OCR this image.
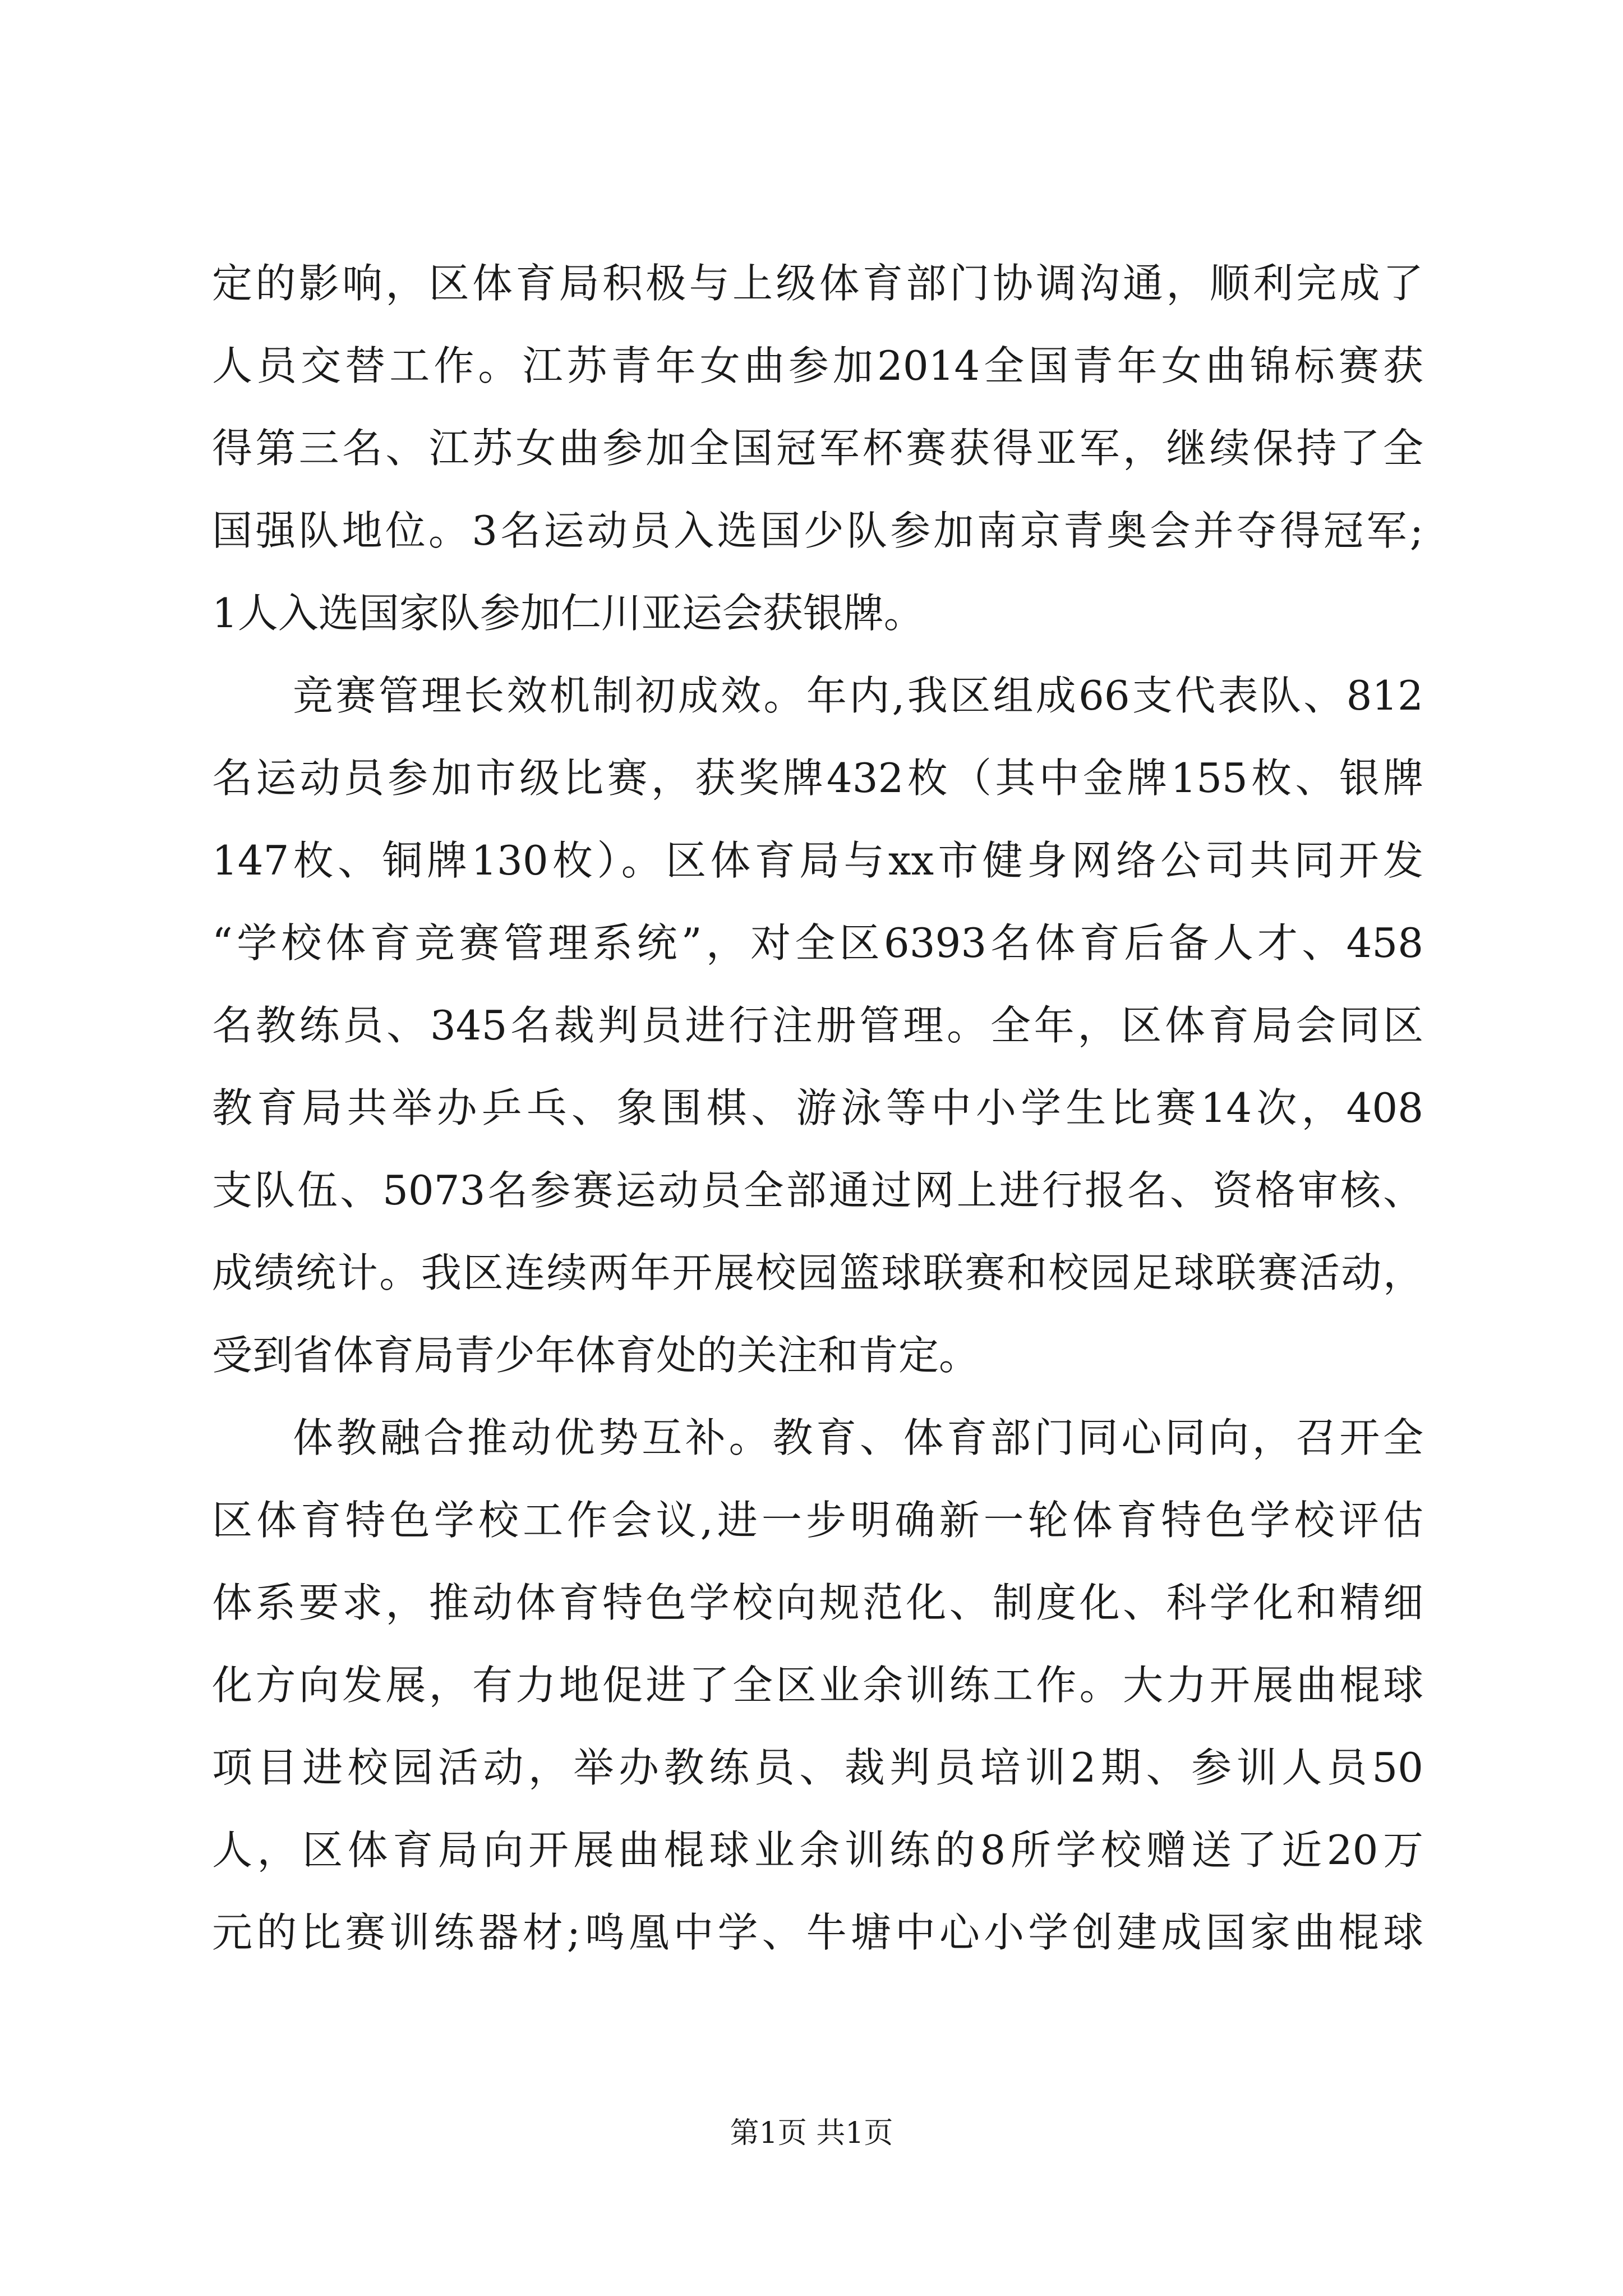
定的影响，区体育局积极与上级体育部门协调沟通，顺利完成了
人员交替工作。江苏青年女曲参加2014全国青年女曲锦标赛获
得第三名、江苏女曲参加全国冠军杯赛获得亚军，继续保持了全
国强队地位。3名运动员入选国少队参加南京青奥会并夺得冠军;
1人入选国家队参加仁川亚运会获银牌。
竞赛管理长效机制初成效。年内,我区组成66支代表队、812
名运动员参加市级比赛，获奖牌432枚（其中金牌155枚、银牌
147枚、铜牌130枚）。区体育局与xx市健身网络公司共同开发
“学校体育竞赛管理系统”，对全区6393名体育后备人才、458
名教练员、345名裁判员进行注册管理。全年，区体育局会同区
教育局共举办乒乓、象围棋、游泳等中小学生比赛14次，408
支队伍、5073名参赛运动员全部通过网上进行报名、资格审核、
成绩统计。我区连续两年开展校园篮球联赛和校园足球联赛活动，
受到省体育局青少年体育处的关注和肯定。
体教融合推动优势互补。教育、体育部门同心同向，召开全
区体育特色学校工作会议,进一步明确新一轮体育特色学校评估
体系要求，推动体育特色学校向规范化、制度化、科学化和精细
化方向发展，有力地促进了全区业余训练工作。大力开展曲棍球
项目进校园活动，举办教练员、裁判员培训2期、参训人员50
人，区体育局向开展曲棍球业余训练的8所学校赠送了近20万
元的比赛训练器材;鸣凰中学、牛塘中心小学创建成国家曲棍球
第1页 共1页
